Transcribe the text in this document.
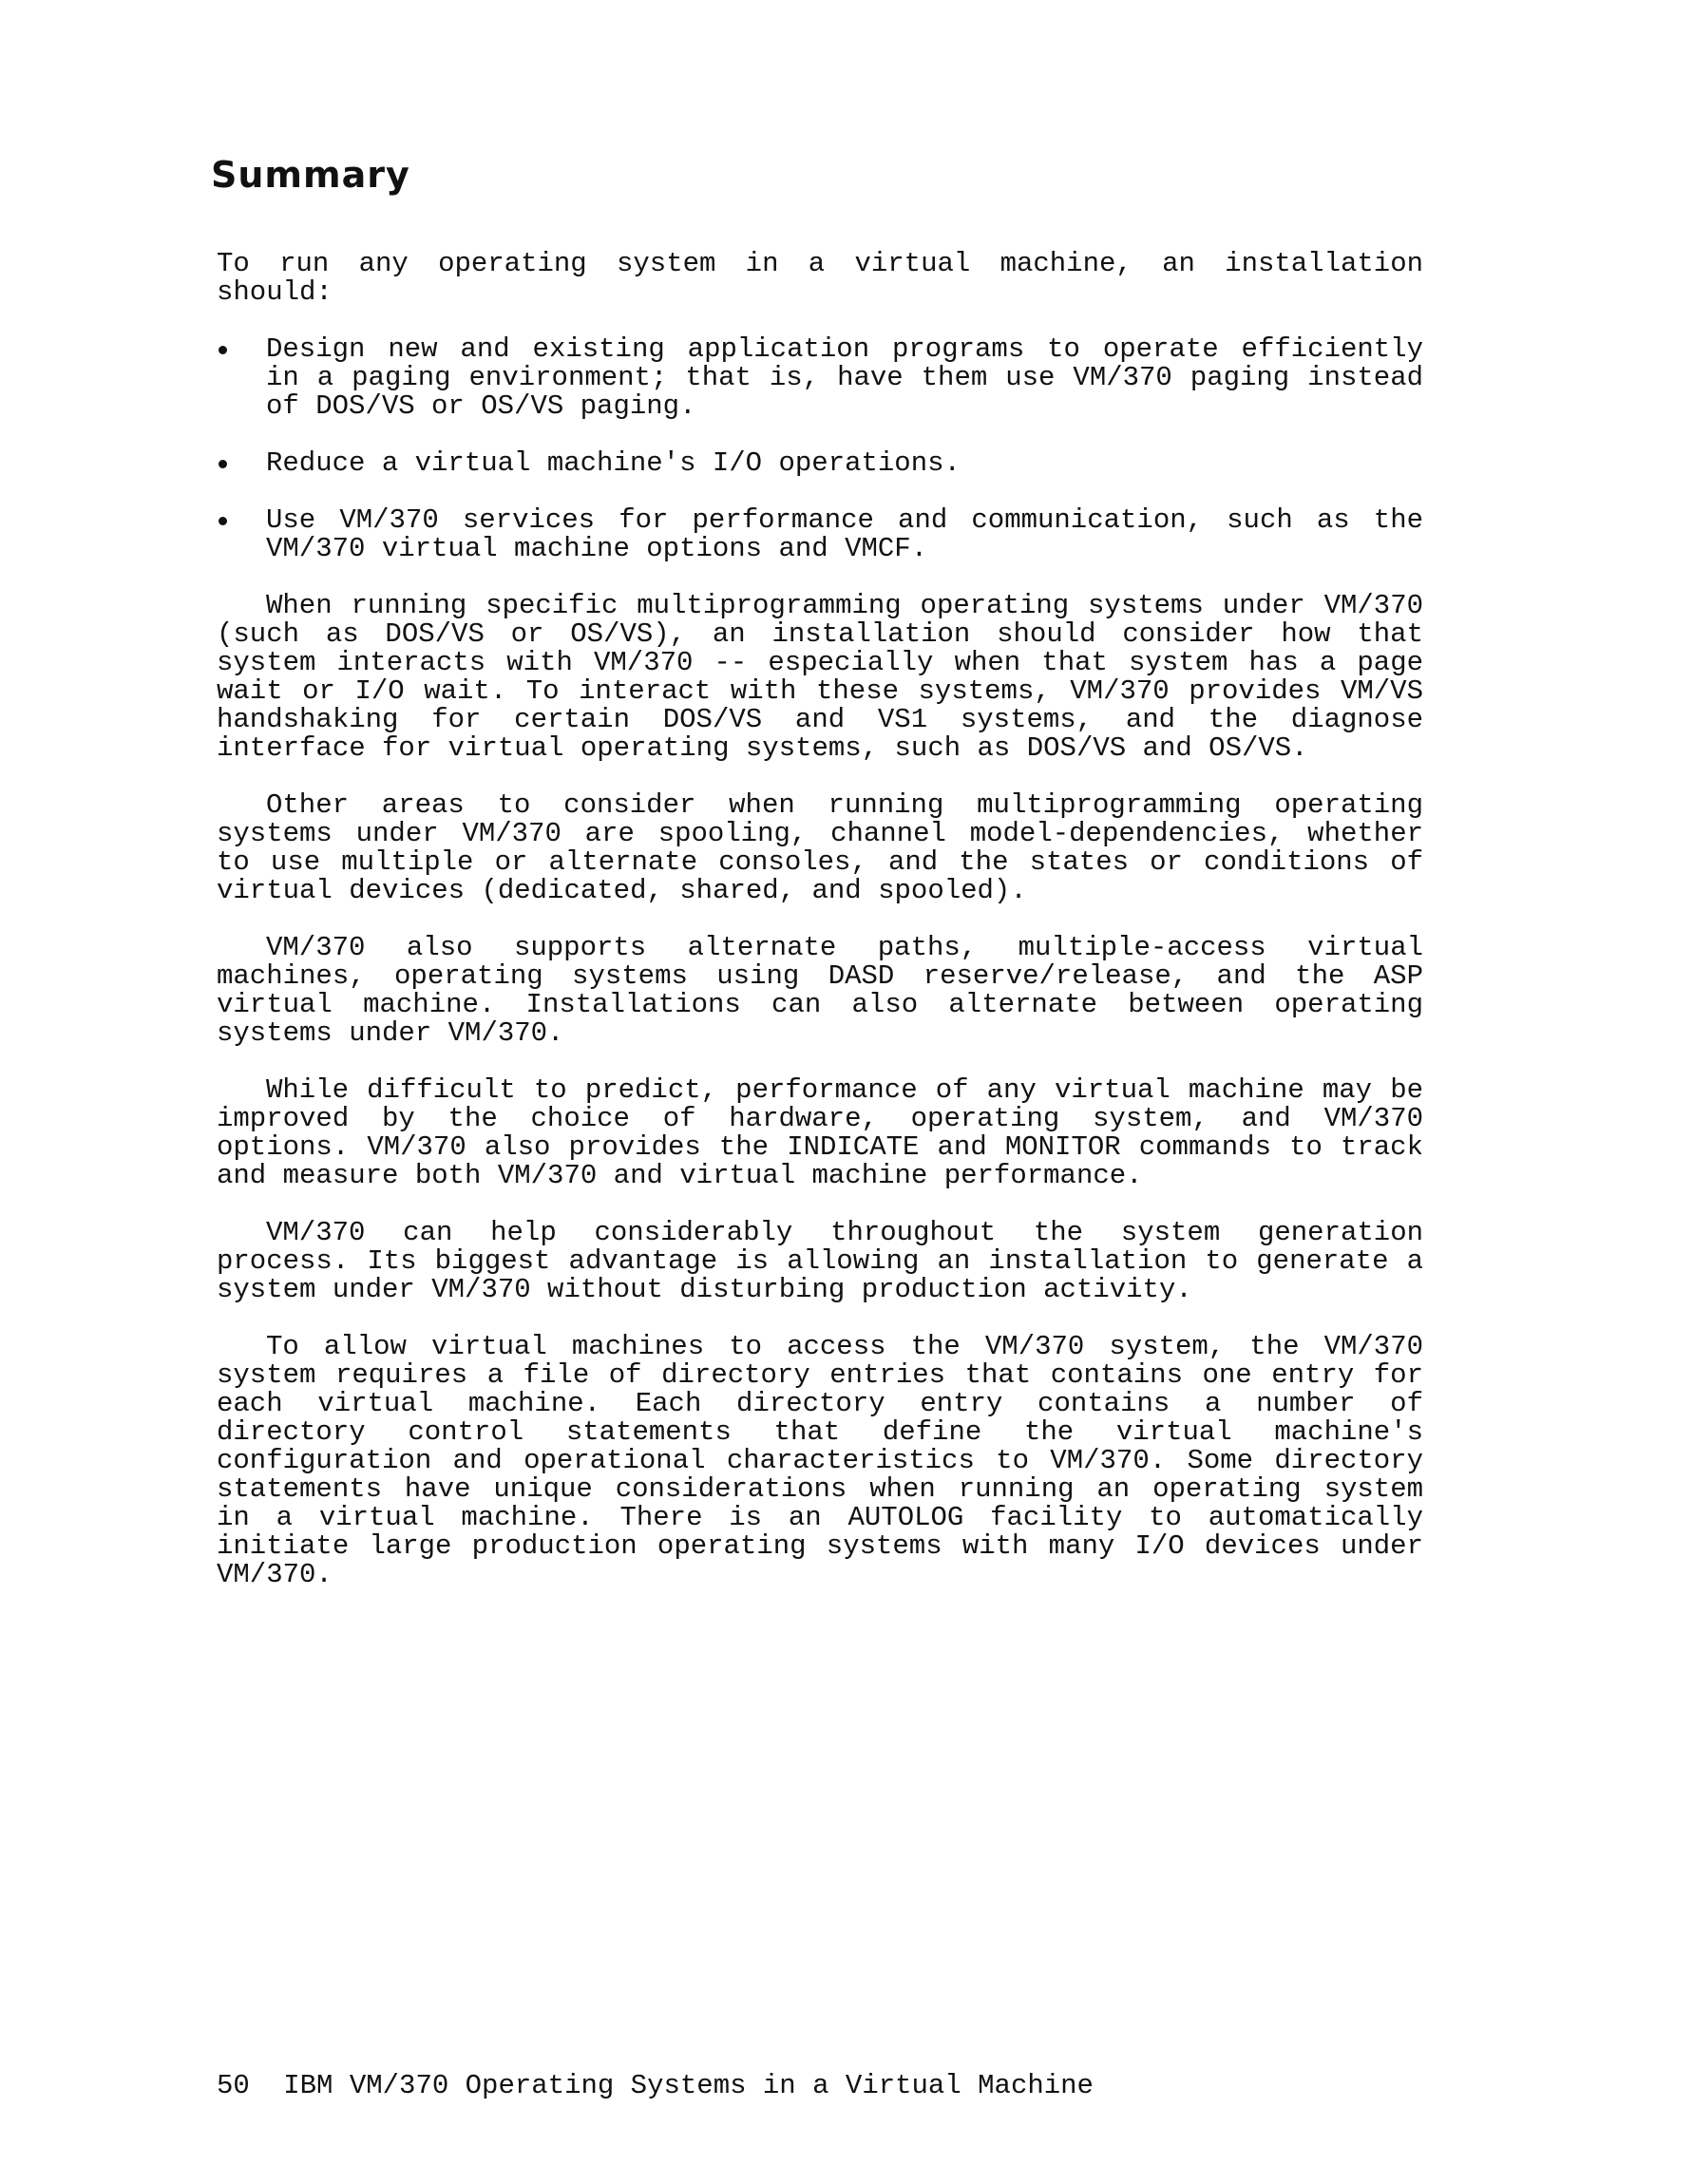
Summary

To run any operating system in a virtual machine, an installation should:

Design new and existing application programs to operate efficiently in a paging environment; that is, have them use VM/370 paging instead of DOS/VS or OS/VS paging.
Reduce a virtual machine's I/O operations.
Use VM/370 services for performance and communication, such as the VM/370 virtual machine options and VMCF.

When running specific multiprogramming operating systems under VM/370 (such as DOS/VS or OS/VS), an installation should consider how that system interacts with VM/370 -- especially when that system has a page wait or I/O wait. To interact with these systems, VM/370 provides VM/VS handshaking for certain DOS/VS and VS1 systems, and the diagnose interface for virtual operating systems, such as DOS/VS and OS/VS.

Other areas to consider when running multiprogramming operating systems under VM/370 are spooling, channel model-dependencies, whether to use multiple or alternate consoles, and the states or conditions of virtual devices (dedicated, shared, and spooled).

VM/370 also supports alternate paths, multiple-access virtual machines, operating systems using DASD reserve/release, and the ASP virtual machine. Installations can also alternate between operating systems under VM/370.

While difficult to predict, performance of any virtual machine may be improved by the choice of hardware, operating system, and VM/370 options. VM/370 also provides the INDICATE and MONITOR commands to track and measure both VM/370 and virtual machine performance.

VM/370 can help considerably throughout the system generation process. Its biggest advantage is allowing an installation to generate a system under VM/370 without disturbing production activity.

To allow virtual machines to access the VM/370 system, the VM/370 system requires a file of directory entries that contains one entry for each virtual machine. Each directory entry contains a number of directory control statements that define the virtual machine's configuration and operational characteristics to VM/370. Some directory statements have unique considerations when running an operating system in a virtual machine. There is an AUTOLOG facility to automatically initiate large production operating systems with many I/O devices under VM/370.

50 IBM VM/370 Operating Systems in a Virtual Machine
